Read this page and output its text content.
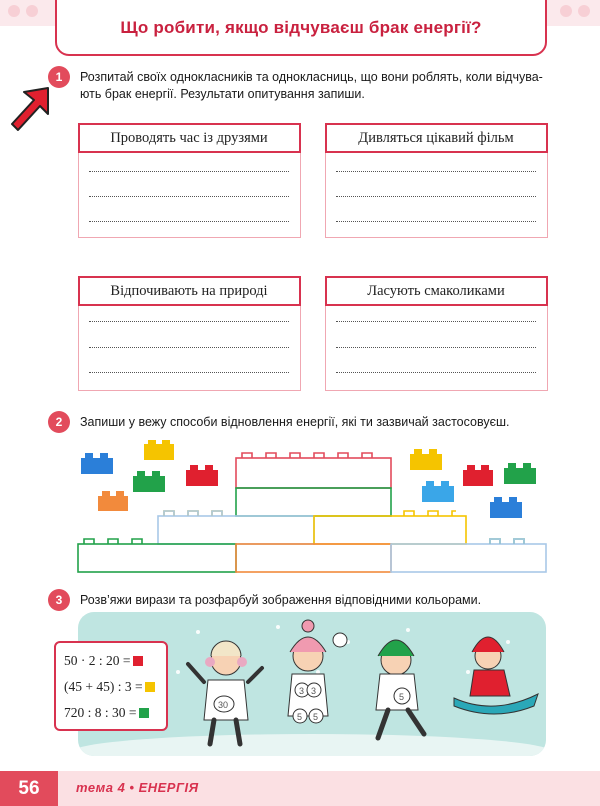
Що робити, якщо відчуваєш брак енергії?
1	Розпитай своїх однокласників та однокласниць, що вони роблять, коли відчува-
ють брак енергії. Результати опитування запиши.
Проводять час із друзями	Дивляться цікавий фільм
Відпочивають на природі	Ласують смаколиками
2	Запиши у вежу способи відновлення енергії, які ти зазвичай застосовуєш.
3	Розв’яжи вирази та розфарбуй зображення відповідними кольорами.
30
3 3
5 5
5
50 · 2 : 20 =
(45 + 45) : 3 =
720 : 8 : 30 =
56	тема 4 • ЕНЕРГІЯ
